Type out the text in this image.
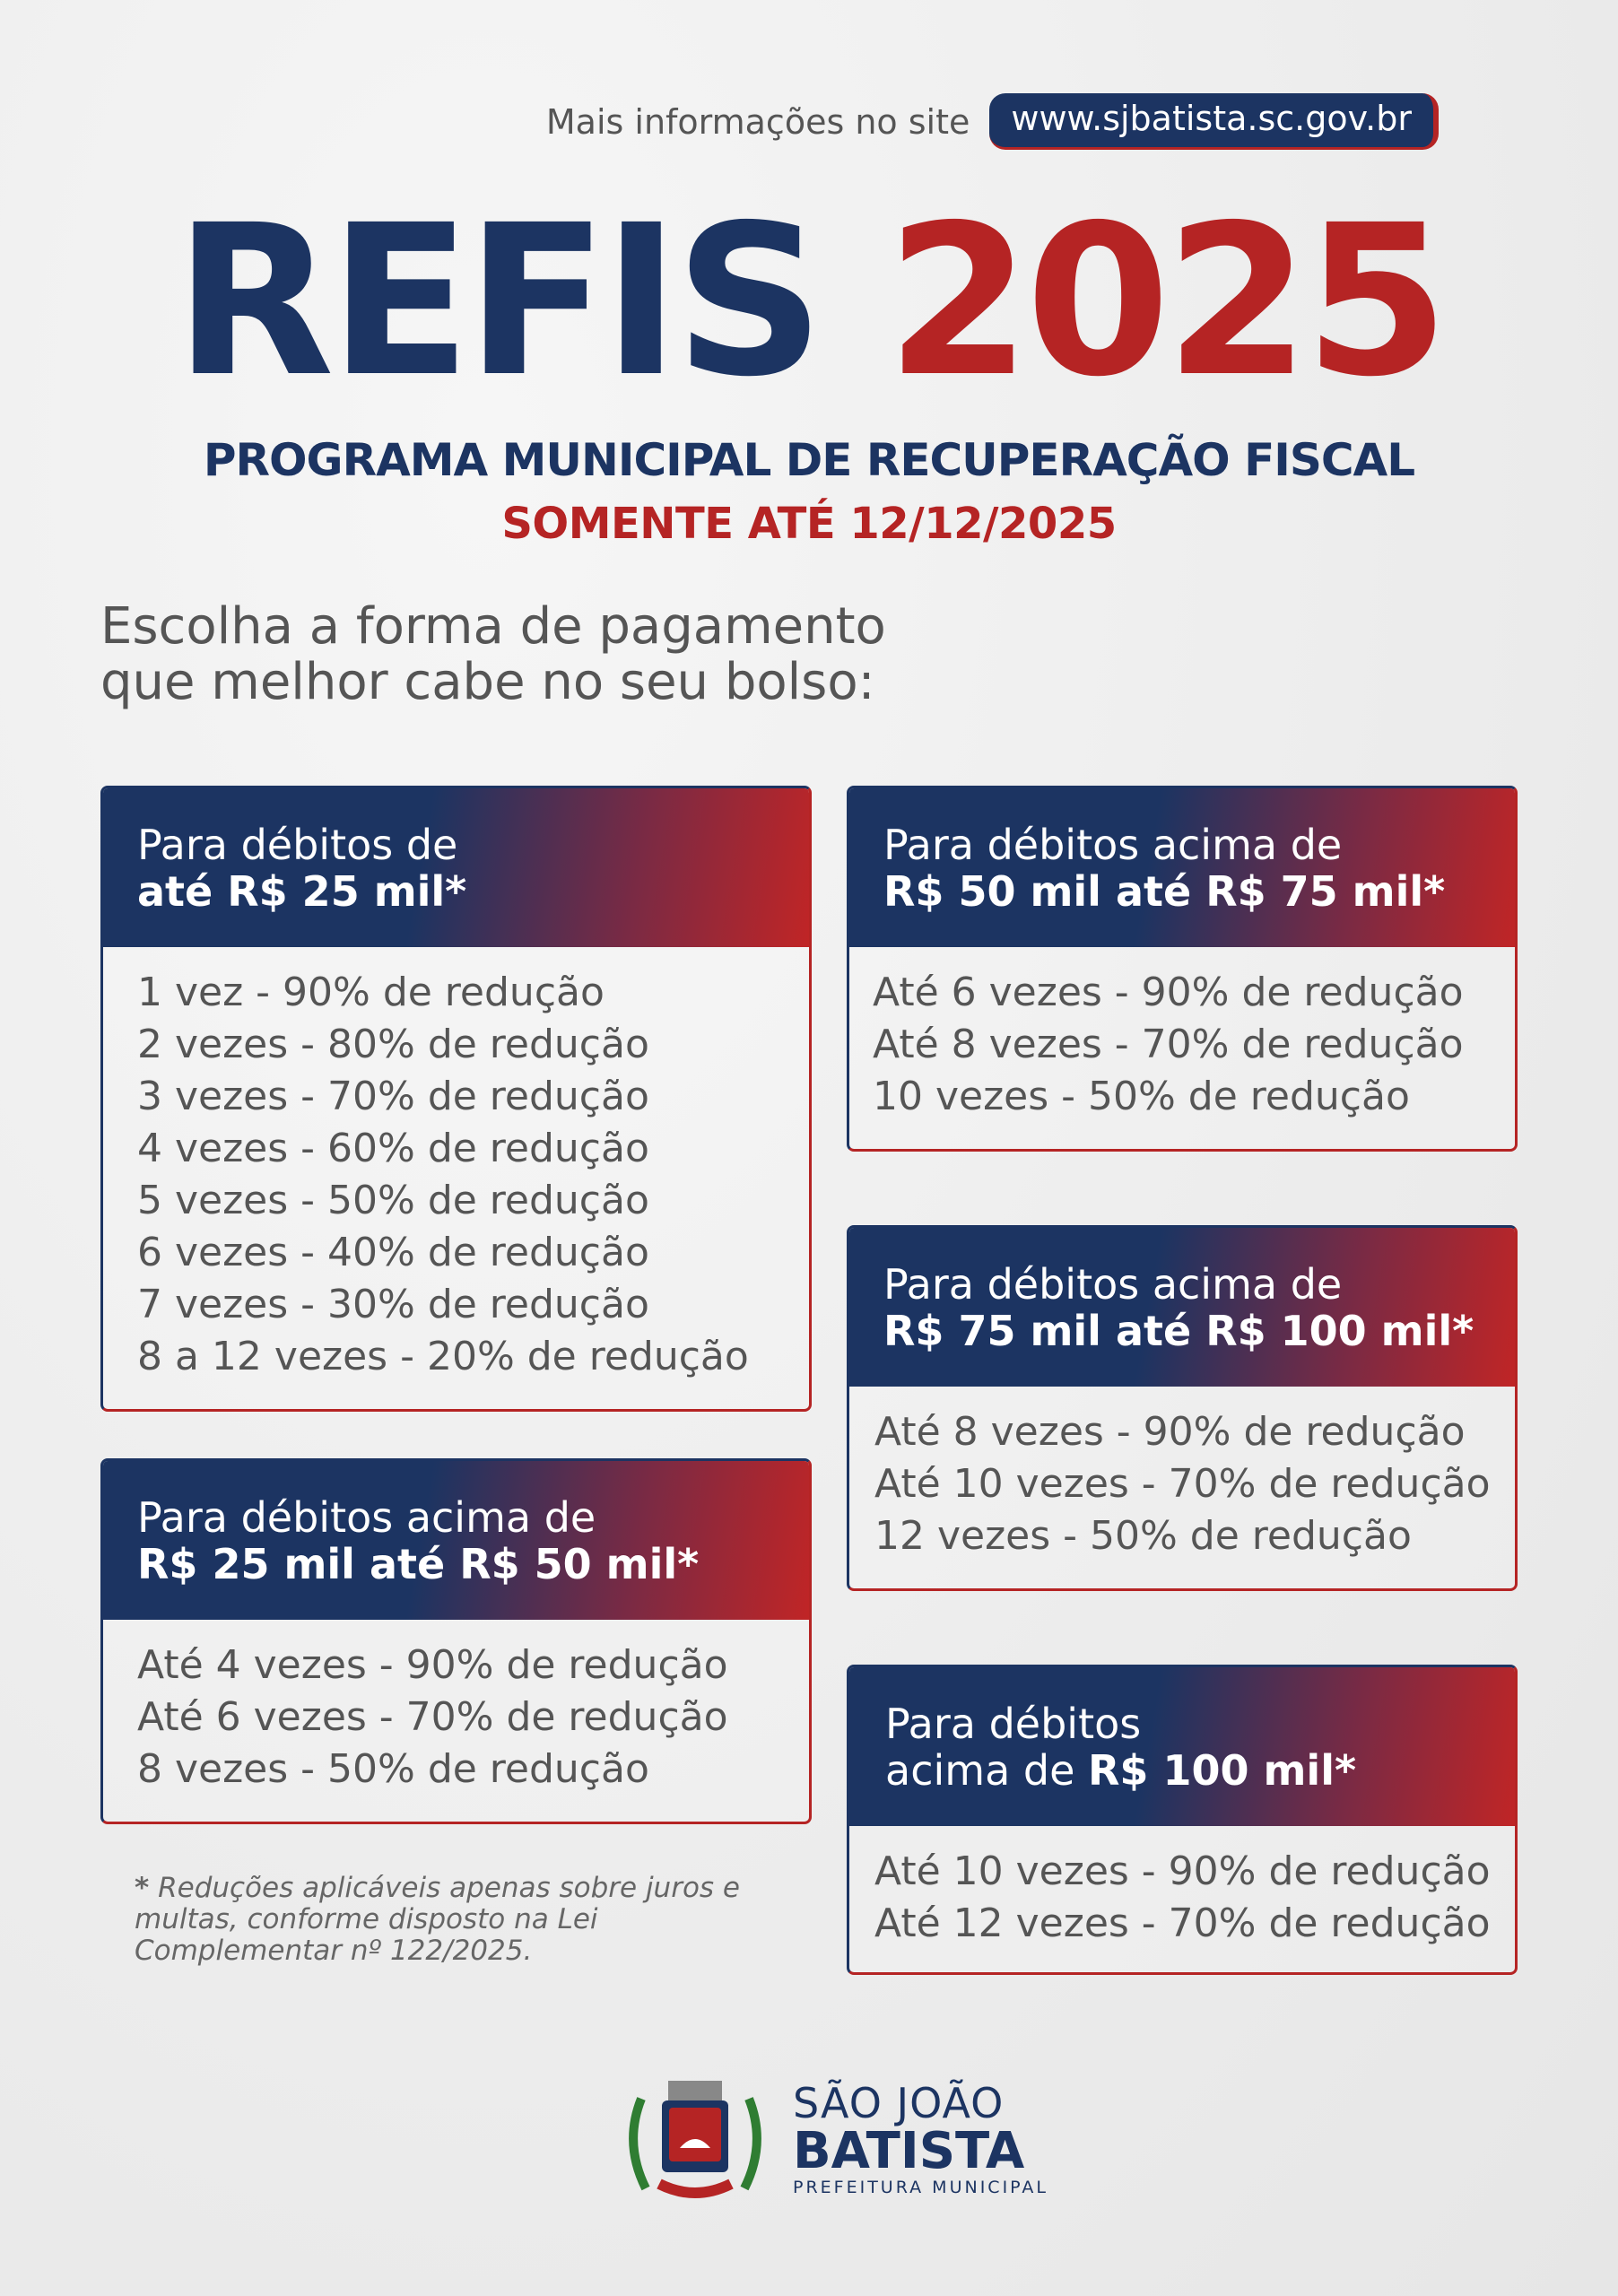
Mais informações no site	www.sjbatista.sc.gov.br
REFIS 2025
PROGRAMA MUNICIPAL DE RECUPERAÇÃO FISCAL
SOMENTE ATÉ 12/12/2025
Escolha a forma de pagamento
que melhor cabe no seu bolso:
Para débitos de
até R$ 25 mil*
1 vez - 90% de redução
2 vezes - 80% de redução
3 vezes - 70% de redução
4 vezes - 60% de redução
5 vezes - 50% de redução
6 vezes - 40% de redução
7 vezes - 30% de redução
8 a 12 vezes - 20% de redução
Para débitos acima de
R$ 25 mil até R$ 50 mil*
Até 4 vezes - 90% de redução
Até 6 vezes - 70% de redução
8 vezes - 50% de redução
Para débitos acima de
R$ 50 mil até R$ 75 mil*
Até 6 vezes - 90% de redução
Até 8 vezes - 70% de redução
10 vezes - 50% de redução
Para débitos acima de
R$ 75 mil até R$ 100 mil*
Até 8 vezes - 90% de redução
Até 10 vezes - 70% de redução
12 vezes - 50% de redução
Para débitos
acima de R$ 100 mil*
Até 10 vezes - 90% de redução
Até 12 vezes - 70% de redução
* Reduções aplicáveis apenas sobre juros e multas, conforme disposto na Lei Complementar nº 122/2025.
SÃO JOÃO
BATISTA
PREFEITURA MUNICIPAL
